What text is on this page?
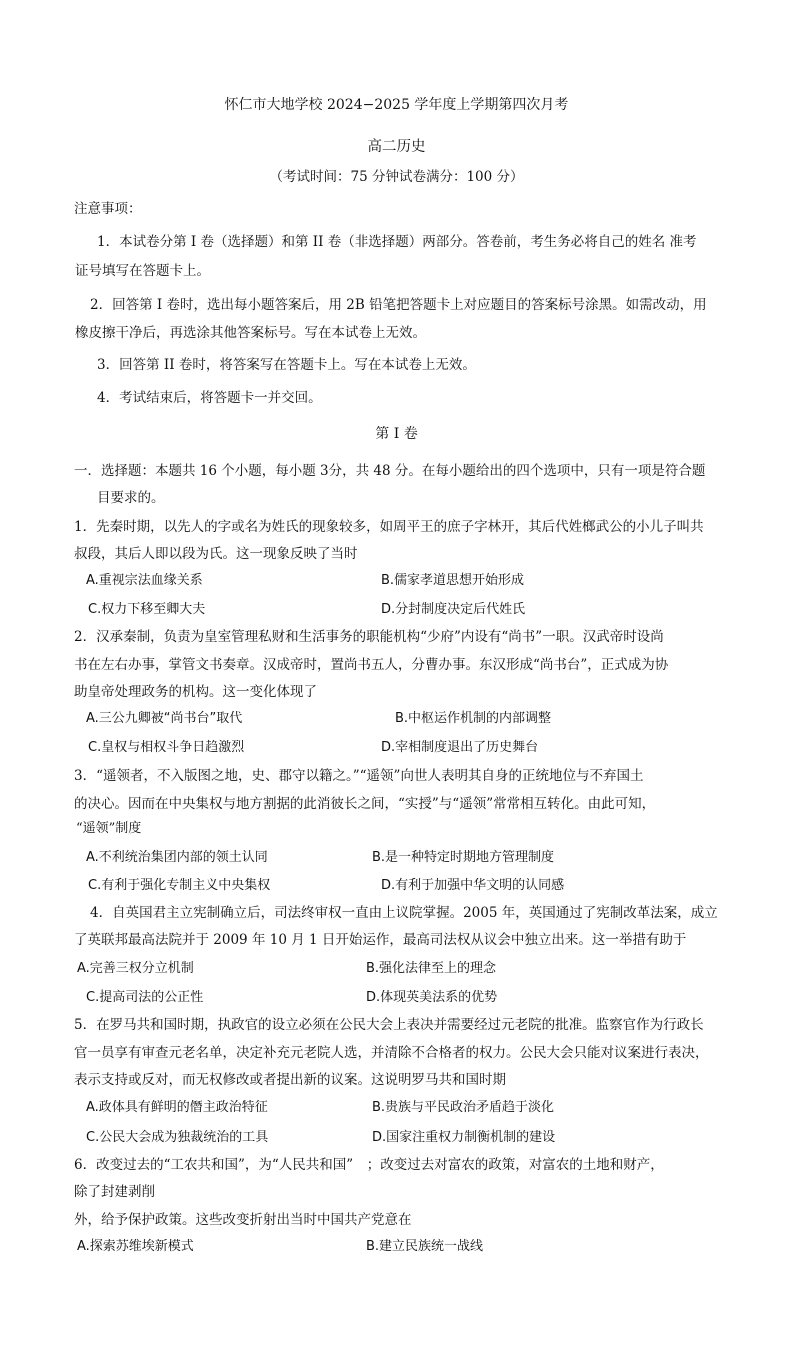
怀仁市大地学校 2024−2025 学年度上学期第四次月考
高二历史
（考试时间：75 分钟试卷满分：100 分）
注意事项：
1．本试卷分第 I 卷（选择题）和第 II 卷（非选择题）两部分。答卷前，考生务必将自己的姓名 准考
证号填写在答题卡上。
2．回答第 I 卷时，选出每小题答案后，用 2B 铅笔把答题卡上对应题目的答案标号涂黑。如需改动，用
橡皮擦干净后，再选涂其他答案标号。写在本试卷上无效。
3．回答第 II 卷时，将答案写在答题卡上。写在本试卷上无效。
4．考试结束后，将答题卡一并交回。
第 I 卷
一．选择题：本题共 16 个小题，每小题 3分，共 48 分。在每小题给出的四个选项中，只有一项是符合题
目要求的。
1．先秦时期，以先人的字或名为姓氏的现象较多，如周平王的庶子字林开，其后代姓榔武公的小儿子叫共
叔段，其后人即以段为氏。这一现象反映了当时
A.重视宗法血缘关系	B.儒家孝道思想开始形成
C.权力下移至卿大夫	D.分封制度决定后代姓氏
2．汉承秦制，负责为皇室管理私财和生活事务的职能机构“少府”内设有“尚书”一职。汉武帝时设尚
书在左右办事，掌管文书奏章。汉成帝时，置尚书五人，分曹办事。东汉形成“尚书台”，正式成为协
助皇帝处理政务的机构。这一变化体现了
A.三公九卿被“尚书台”取代	B.中枢运作机制的内部调整
C.皇权与相权斗争日趋激烈	D.宰相制度退出了历史舞台
3．“遥领者，不入版图之地，史、郡守以籍之。”“遥领”向世人表明其自身的正统地位与不弃国土
的决心。因而在中央集权与地方割据的此消彼长之间，“实授”与“遥领”常常相互转化。由此可知，
“遥领”制度
A.不利统治集团内部的领土认同	B.是一种特定时期地方管理制度
C.有利于强化专制主义中央集权	D.有利于加强中华文明的认同感
4．自英国君主立宪制确立后，司法终审权一直由上议院掌握。2005 年，英国通过了宪制改革法案，成立
了英联邦最高法院并于 2009 年 10 月 1 日开始运作，最高司法权从议会中独立出来。这一举措有助于
A.完善三权分立机制	B.强化法律至上的理念
C.提高司法的公正性	D.体现英美法系的优势
5．在罗马共和国时期，执政官的设立必须在公民大会上表决并需要经过元老院的批准。监察官作为行政长
官一员享有审查元老名单，决定补充元老院人选，并清除不合格者的权力。公民大会只能对议案进行表决，
表示支持或反对，而无权修改或者提出新的议案。这说明罗马共和国时期
A.政体具有鲜明的僭主政治特征	B.贵族与平民政治矛盾趋于淡化
C.公民大会成为独裁统治的工具	D.国家注重权力制衡机制的建设
6．改变过去的“工农共和国”，为“人民共和国”　；改变过去对富农的政策，对富农的土地和财产，
除了封建剥削
外，给予保护政策。这些改变折射出当时中国共产党意在
A.探索苏维埃新模式	B.建立民族统一战线
